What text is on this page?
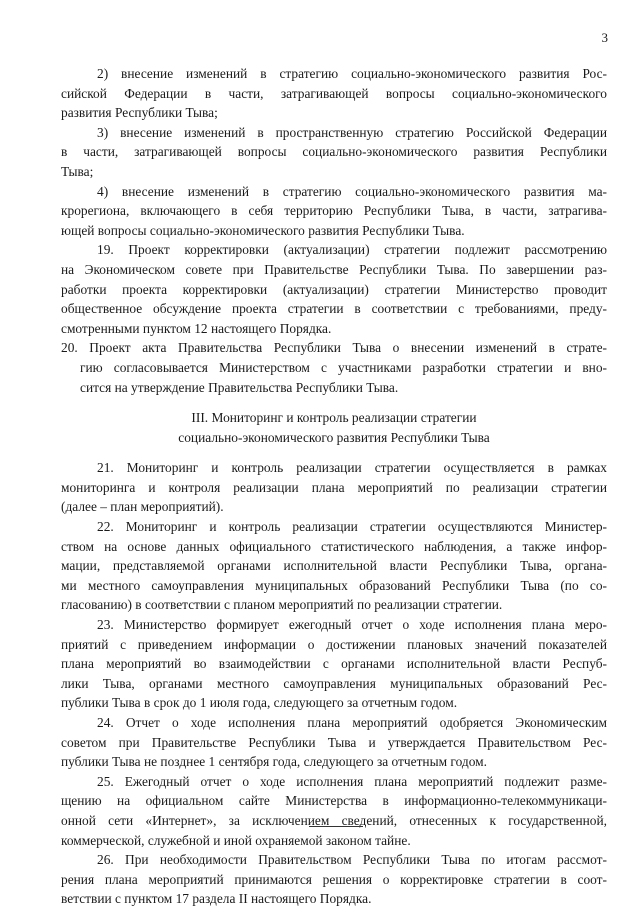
3

2) внесение изменений в стратегию социально-экономического развития Рос-
сийской Федерации в части, затрагивающей вопросы социально-экономического
развития Республики Тыва;

3) внесение изменений в пространственную стратегию Российской Федерации
в части, затрагивающей вопросы социально-экономического развития Республики
Тыва;

4) внесение изменений в стратегию социально-экономического развития ма-
крорегиона, включающего в себя территорию Республики Тыва, в части, затрагива-
ющей вопросы социально-экономического развития Республики Тыва.

19. Проект корректировки (актуализации) стратегии подлежит рассмотрению
на Экономическом совете при Правительстве Республики Тыва. По завершении раз-
работки проекта корректировки (актуализации) стратегии Министерство проводит
общественное обсуждение проекта стратегии в соответствии с требованиями, преду-
смотренными пунктом 12 настоящего Порядка.

20. Проект акта Правительства Республики Тыва о внесении изменений в страте-
гию согласовывается Министерством с участниками разработки стратегии и вно-
сится на утверждение Правительства Республики Тыва.

III. Мониторинг и контроль реализации стратегии
социально-экономического развития Республики Тыва

21. Мониторинг и контроль реализации стратегии осуществляется в рамках
мониторинга и контроля реализации плана мероприятий по реализации стратегии
(далее – план мероприятий).

22. Мониторинг и контроль реализации стратегии осуществляются Министер-
ством на основе данных официального статистического наблюдения, а также инфор-
мации, представляемой органами исполнительной власти Республики Тыва, органа-
ми местного самоуправления муниципальных образований Республики Тыва (по со-
гласованию) в соответствии с планом мероприятий по реализации стратегии.

23. Министерство формирует ежегодный отчет о ходе исполнения плана меро-
приятий с приведением информации о достижении плановых значений показателей
плана мероприятий во взаимодействии с органами исполнительной власти Респуб-
лики Тыва, органами местного самоуправления муниципальных образований Рес-
публики Тыва в срок до 1 июля года, следующего за отчетным годом.

24. Отчет о ходе исполнения плана мероприятий одобряется Экономическим
советом при Правительстве Республики Тыва и утверждается Правительством Рес-
публики Тыва не позднее 1 сентября года, следующего за отчетным годом.

25. Ежегодный отчет о ходе исполнения плана мероприятий подлежит разме-
щению на официальном сайте Министерства в информационно-телекоммуникаци-
онной сети «Интернет», за исключением сведений, отнесенных к государственной,
коммерческой, служебной и иной охраняемой законом тайне.

26. При необходимости Правительством Республики Тыва по итогам рассмот-
рения плана мероприятий принимаются решения о корректировке стратегии в соот-
ветствии с пунктом 17 раздела II настоящего Порядка.
